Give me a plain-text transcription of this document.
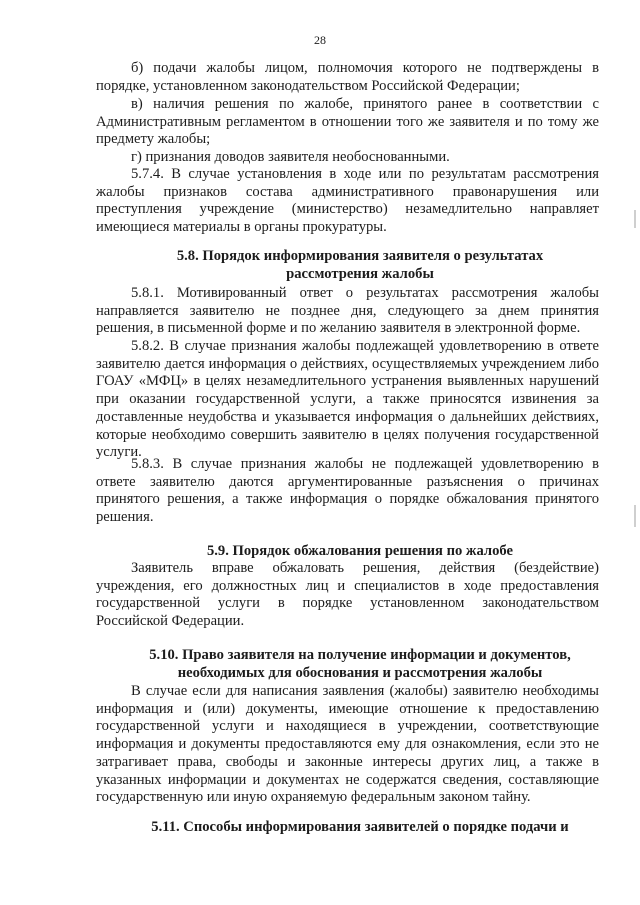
28

б) подачи жалобы лицом, полномочия которого не подтверждены в порядке, установленном законодательством Российской Федерации;

в) наличия решения по жалобе, принятого ранее в соответствии с Административным регламентом в отношении того же заявителя и по тому же предмету жалобы;

г) признания доводов заявителя необоснованными.

5.7.4. В случае установления в ходе или по результатам рассмотрения жалобы признаков состава административного правонарушения или преступления учреждение (министерство) незамедлительно направляет имеющиеся материалы в органы прокуратуры.

5.8. Порядок информирования заявителя о результатах
рассмотрения жалобы

5.8.1. Мотивированный ответ о результатах рассмотрения жалобы направляется заявителю не позднее дня, следующего за днем принятия решения, в письменной форме и по желанию заявителя в электронной форме.

5.8.2. В случае признания жалобы подлежащей удовлетворению в ответе заявителю дается информация о действиях, осуществляемых учреждением либо ГОАУ «МФЦ» в целях незамедлительного устранения выявленных нарушений при оказании государственной услуги, а также приносятся извинения за доставленные неудобства и указывается информация о дальнейших действиях, которые необходимо совершить заявителю в целях получения государственной услуги.

5.8.3. В случае признания жалобы не подлежащей удовлетворению в ответе заявителю даются аргументированные разъяснения о причинах принятого решения, а также информация о порядке обжалования принятого решения.

5.9. Порядок обжалования решения по жалобе

Заявитель вправе обжаловать решения, действия (бездействие) учреждения, его должностных лиц и специалистов в ходе предоставления государственной услуги в порядке установленном законодательством Российской Федерации.

5.10. Право заявителя на получение информации и документов,
необходимых для обоснования и рассмотрения жалобы

В случае если для написания заявления (жалобы) заявителю необходимы информация и (или) документы, имеющие отношение к предоставлению государственной услуги и находящиеся в учреждении, соответствующие информация и документы предоставляются ему для ознакомления, если это не затрагивает права, свободы и законные интересы других лиц, а также в указанных информации и документах не содержатся сведения, составляющие государственную или иную охраняемую федеральным законом тайну.

5.11. Способы информирования заявителей о порядке подачи и
